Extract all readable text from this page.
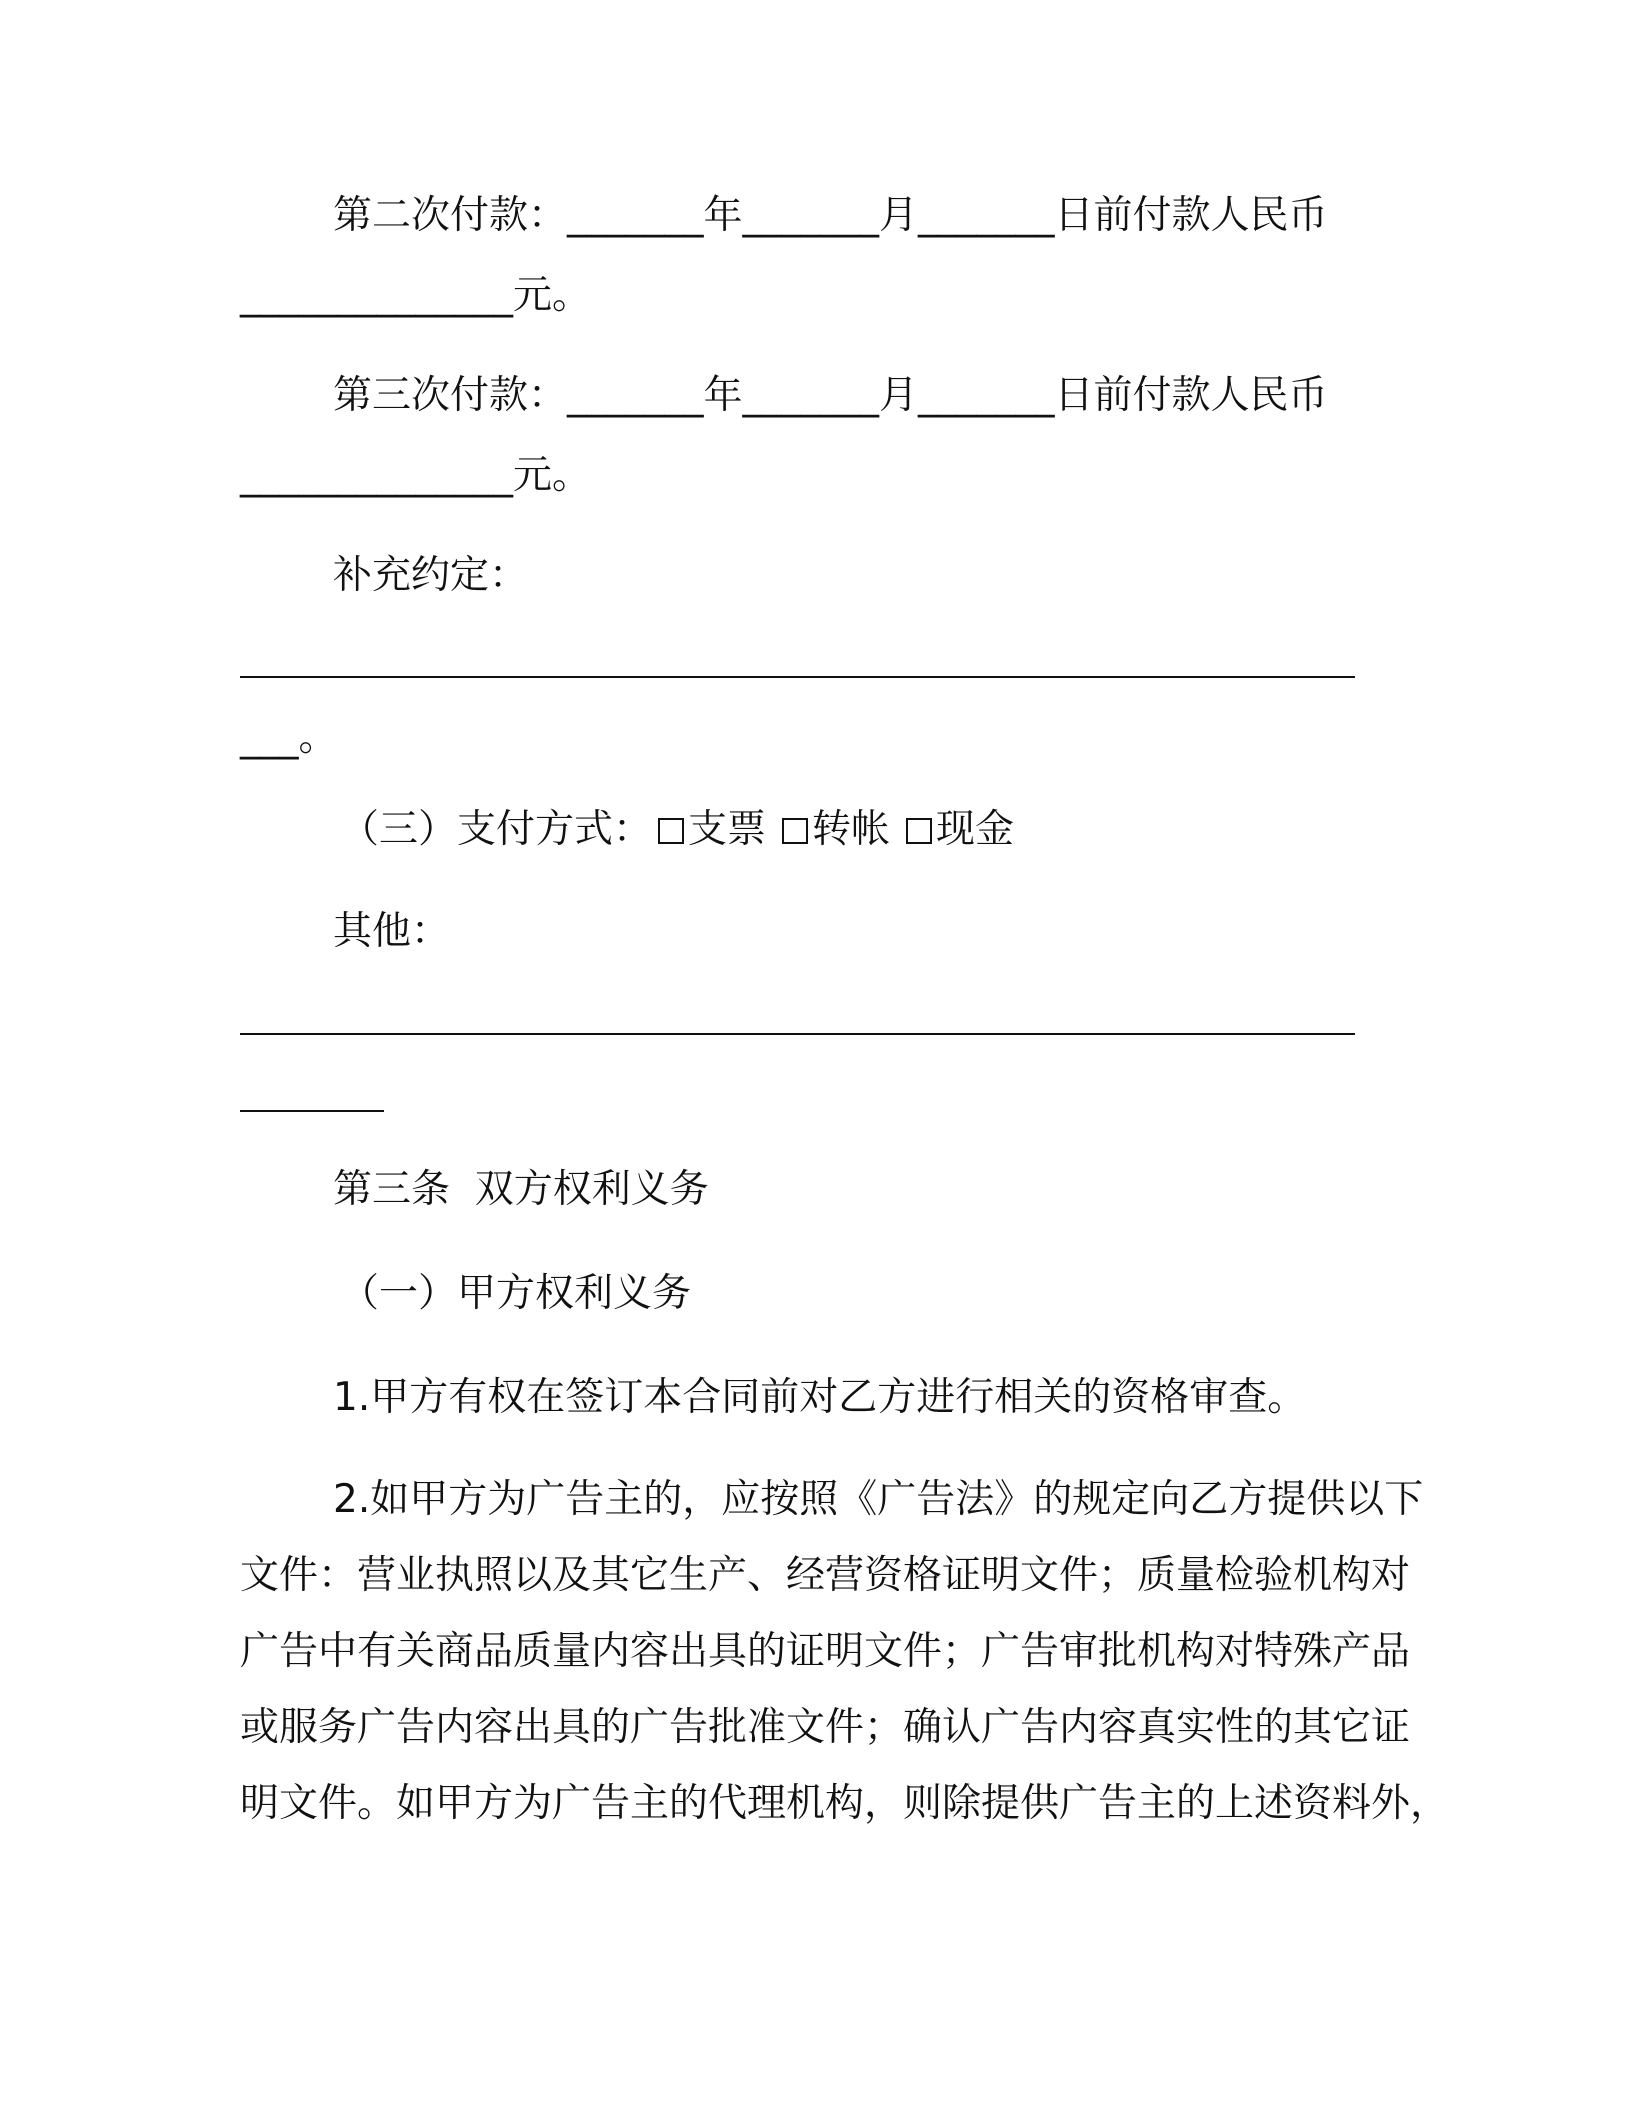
第二次付款：_______年_______月_______日前付款人民币

______________元。

第三次付款：_______年_______月_______日前付款人民币

______________元。

补充约定：

___。

（三）支付方式： 支票 转帐 现金

其他：

第三条  双方权利义务

（一）甲方权利义务

1.甲方有权在签订本合同前对乙方进行相关的资格审查。

2.如甲方为广告主的，应按照《广告法》的规定向乙方提供以下

文件：营业执照以及其它生产、经营资格证明文件；质量检验机构对

广告中有关商品质量内容出具的证明文件；广告审批机构对特殊产品

或服务广告内容出具的广告批准文件；确认广告内容真实性的其它证

明文件。如甲方为广告主的代理机构，则除提供广告主的上述资料外，
